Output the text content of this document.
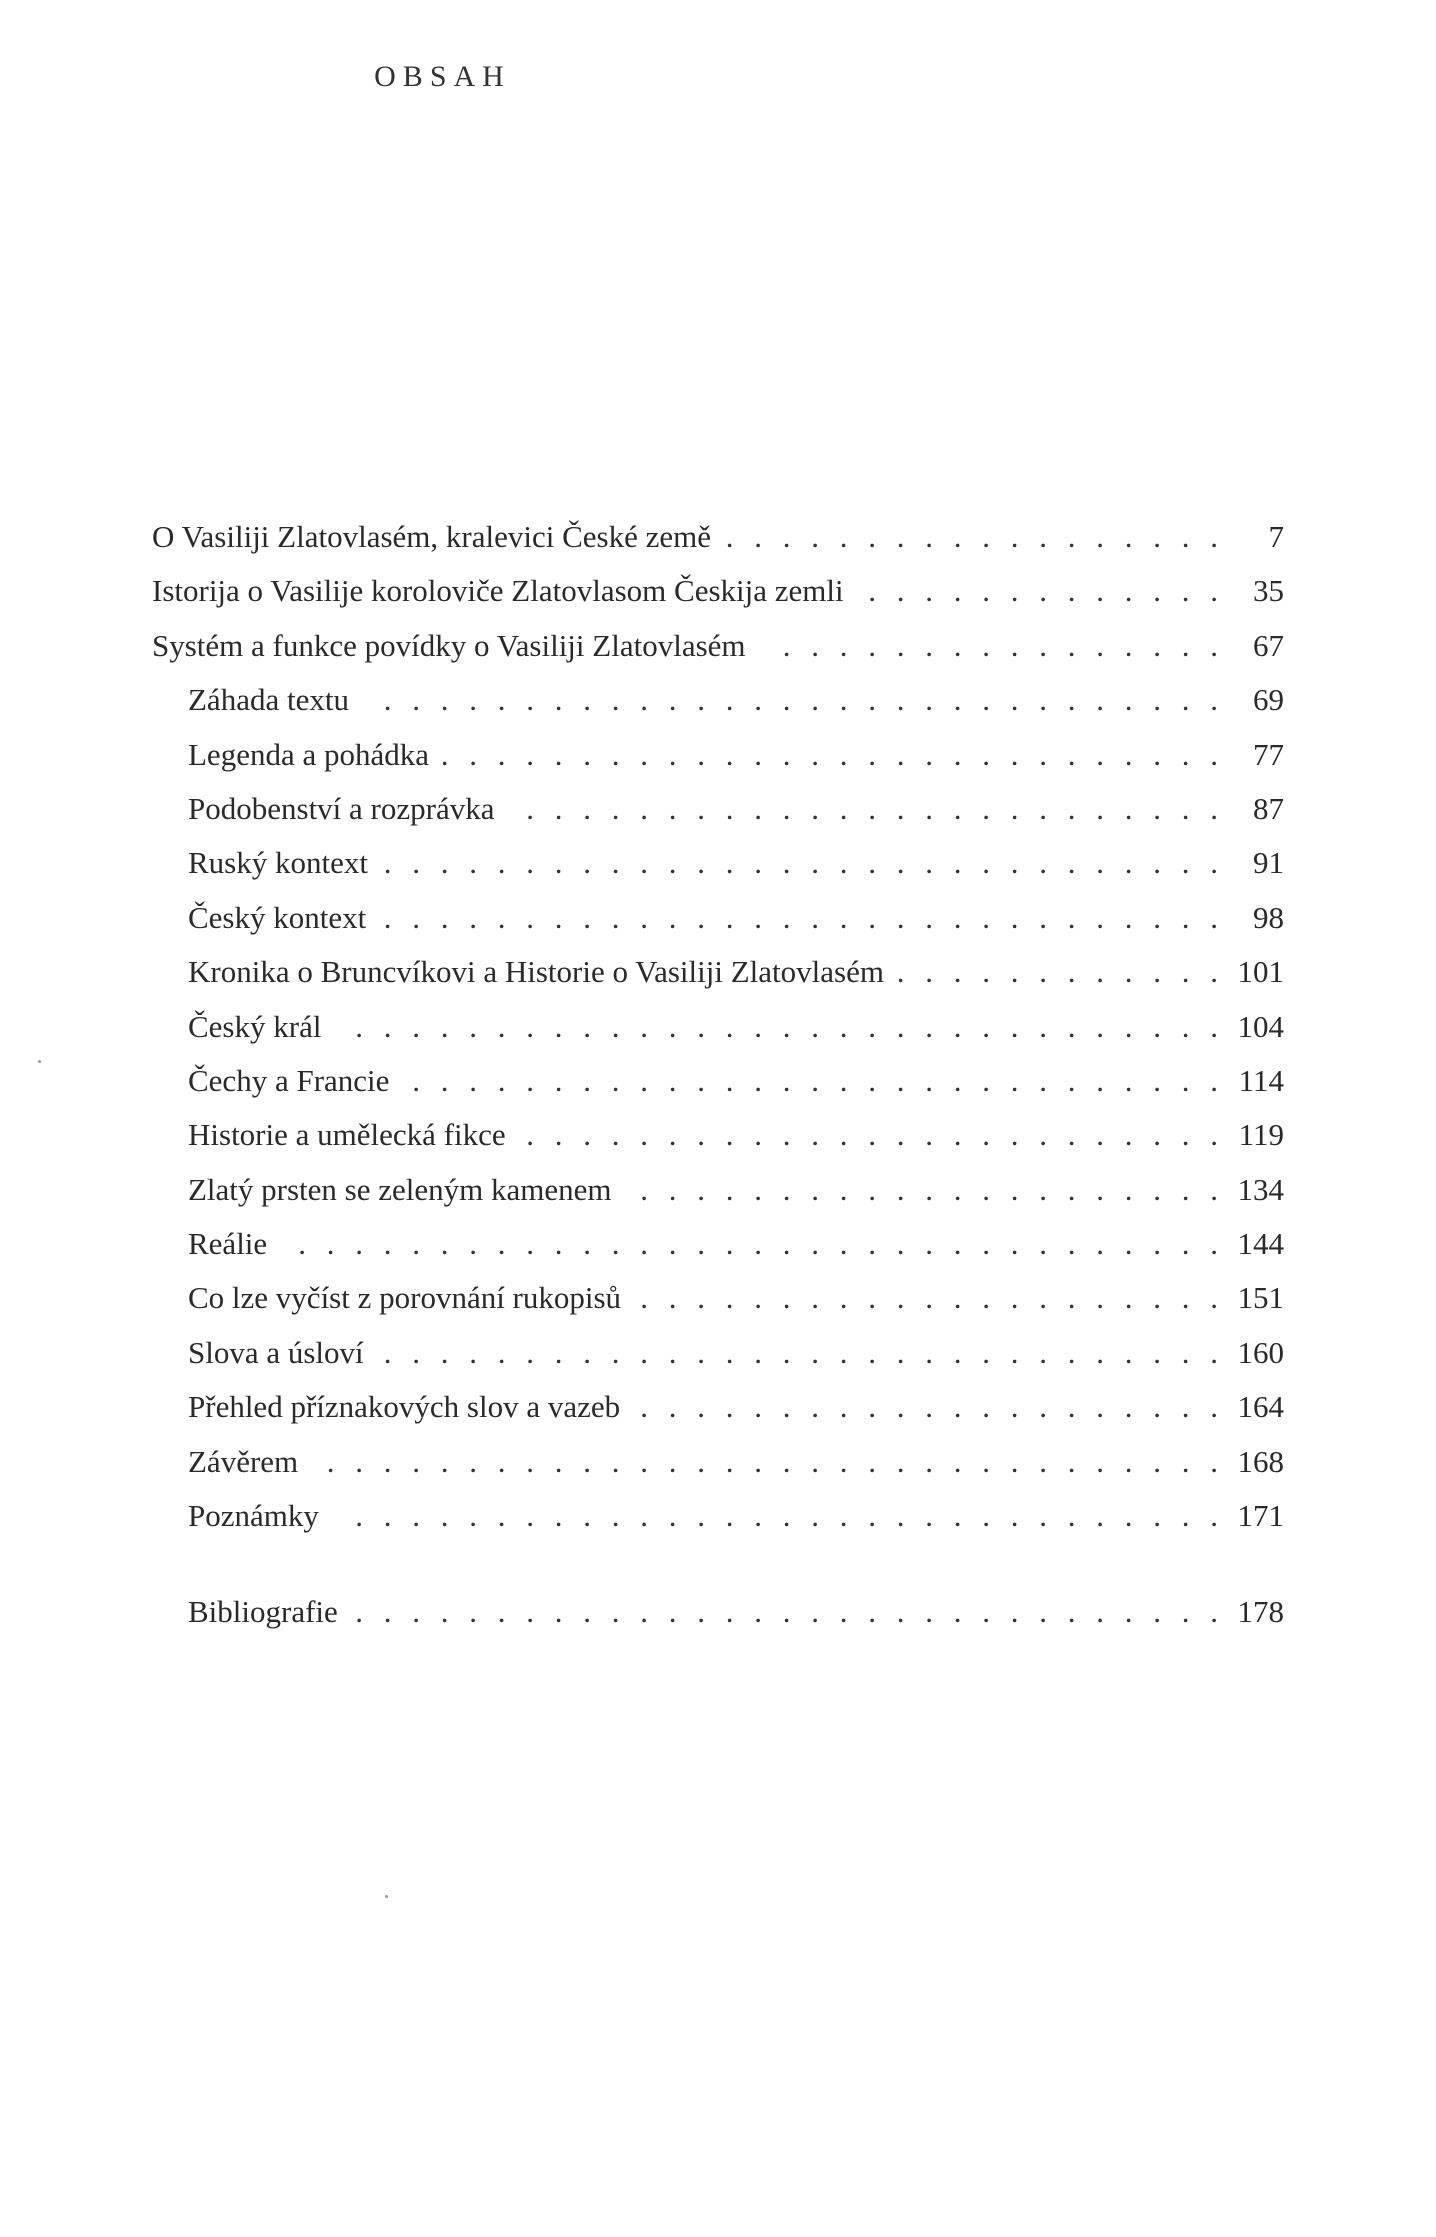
OBSAH
O Vasiliji Zlatovlasém, kralevici České země . . .	7
Istorija o Vasilije koroloviče Zlatovlasom Českija zemli . . .	35
Systém a funkce povídky o Vasiliji Zlatovlasém . . .	67
Záhada textu . . .	69
Legenda a pohádka . . .	77
Podobenství a rozprávka . . .	87
Ruský kontext . . .	91
Český kontext . . .	98
Kronika o Bruncvíkovi a Historie o Vasiliji Zlatovlasém . . .	101
Český král . . .	104
Čechy a Francie . . .	114
Historie a umělecká fikce . . .	119
Zlatý prsten se zeleným kamenem . . .	134
Reálie . . .	144
Co lze vyčíst z porovnání rukopisů . . .	151
Slova a úsloví . . .	160
Přehled příznakových slov a vazeb . . .	164
Závěrem . . .	168
Poznámky . . .	171
Bibliografie . . .	178
